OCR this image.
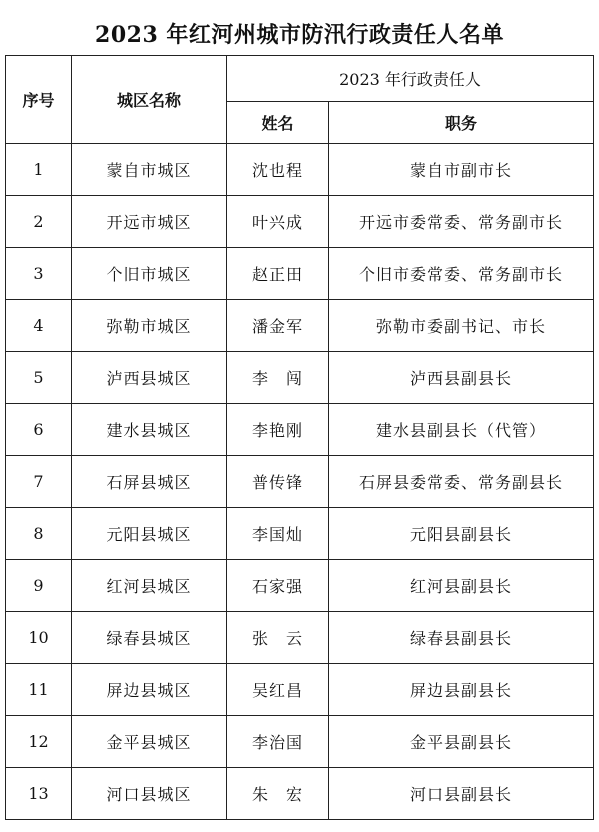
2023 年红河州城市防汛行政责任人名单
序号	城区名称	2023 年行政责任人	
		姓名	职务
1	蒙自市城区	沈也程	蒙自市副市长
2	开远市城区	叶兴成	开远市委常委、常务副市长
3	个旧市城区	赵正田	个旧市委常委、常务副市长
4	弥勒市城区	潘金军	弥勒市委副书记、市长
5	泸西县城区	李　闯	泸西县副县长
6	建水县城区	李艳刚	建水县副县长（代管）
7	石屏县城区	普传锋	石屏县委常委、常务副县长
8	元阳县城区	李国灿	元阳县副县长
9	红河县城区	石家强	红河县副县长
10	绿春县城区	张　云	绿春县副县长
11	屏边县城区	吴红昌	屏边县副县长
12	金平县城区	李治国	金平县副县长
13	河口县城区	朱　宏	河口县副县长
